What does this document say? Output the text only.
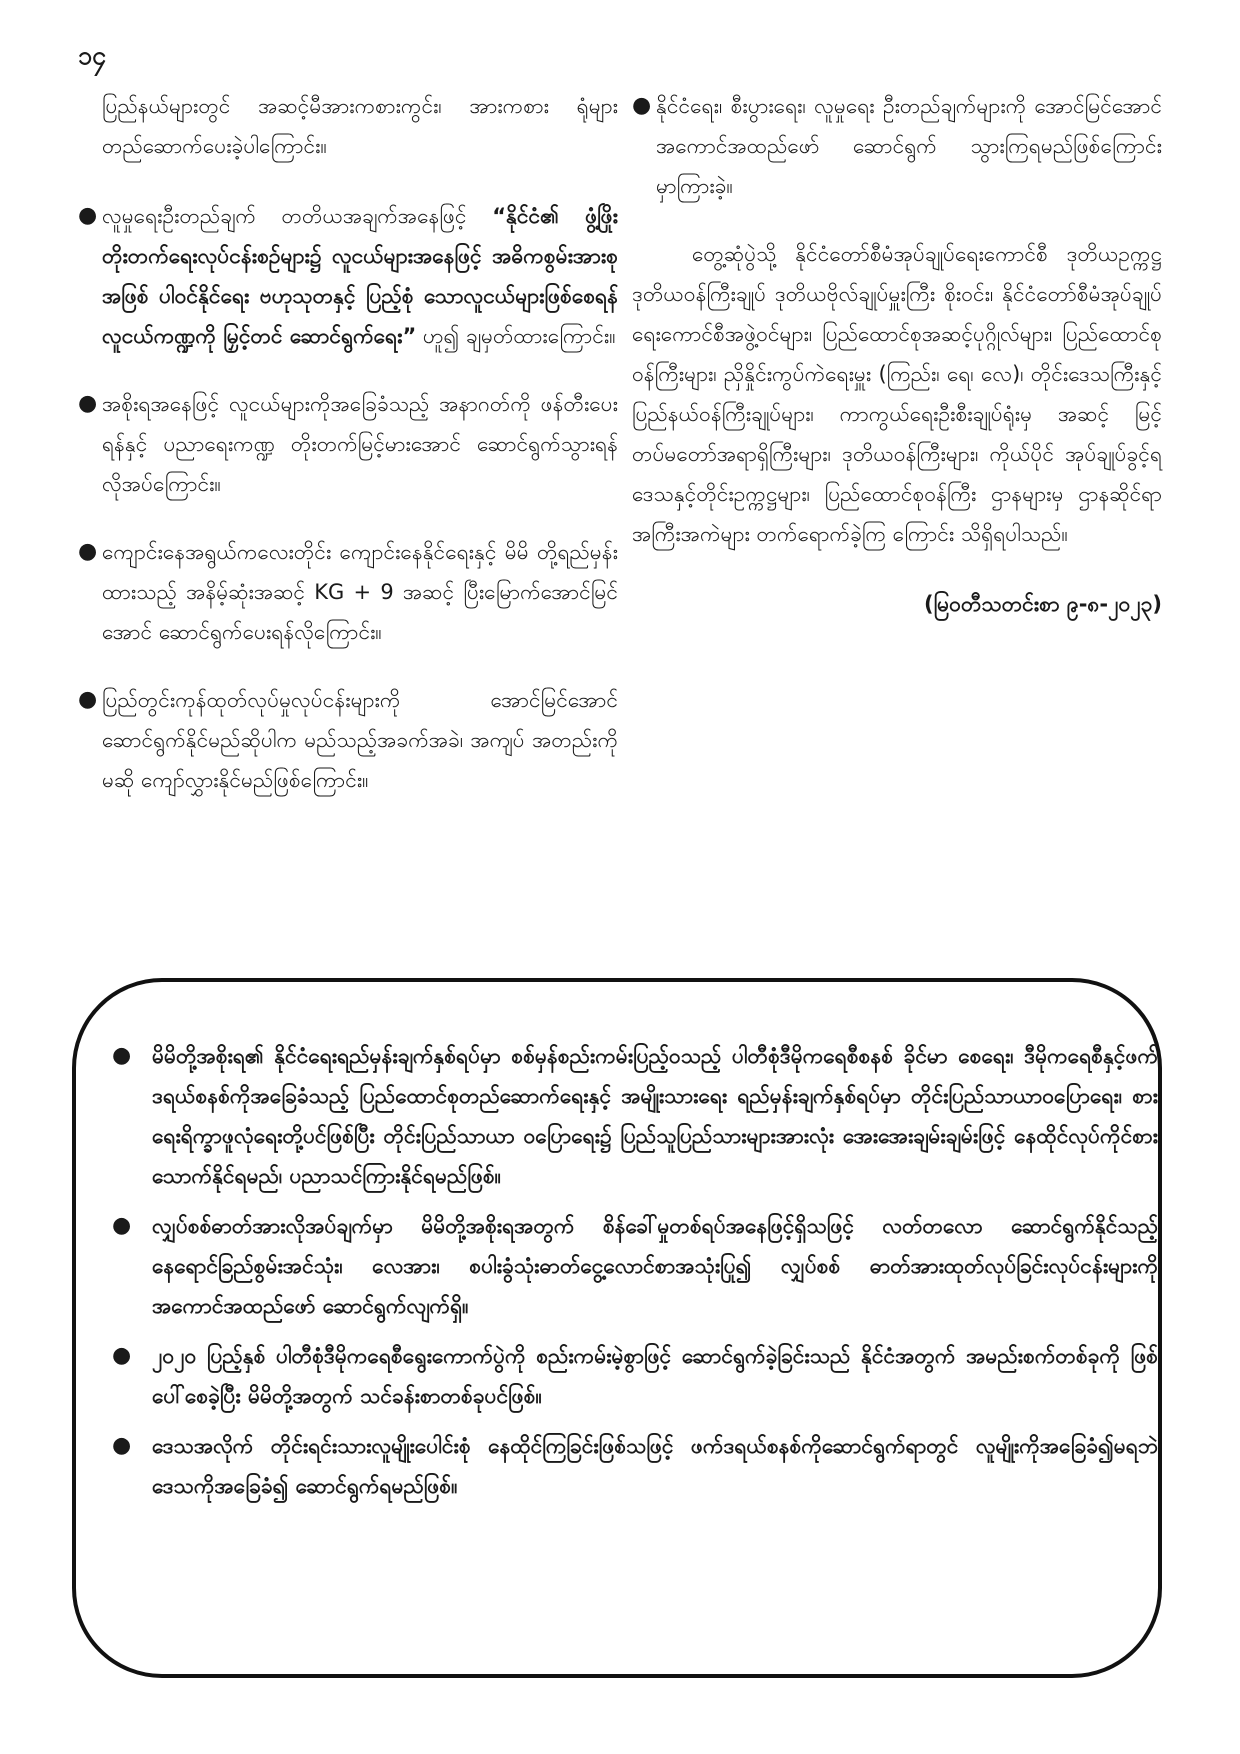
၁၄

ပြည်နယ်များတွင် အဆင့်မီအားကစားကွင်း၊ အားကစား ရုံများ တည်ဆောက်ပေးခဲ့ပါကြောင်း။

● လူမှုရေးဦးတည်ချက် တတိယအချက်အနေဖြင့် “နိုင်ငံ၏ ဖွံ့ဖြိုးတိုးတက်ရေးလုပ်ငန်းစဉ်များ၌ လူငယ်များအနေဖြင့် အဓိကစွမ်းအားစုအဖြစ် ပါဝင်နိုင်ရေး ဗဟုသုတနှင့် ပြည့်စုံ သောလူငယ်များဖြစ်စေရန် လူငယ်ကဏ္ဍကို မြှင့်တင် ဆောင်ရွက်ရေး” ဟူ၍ ချမှတ်ထားကြောင်း။
● အစိုးရအနေဖြင့် လူငယ်များကိုအခြေခံသည့် အနာဂတ်ကို ဖန်တီးပေးရန်နှင့် ပညာရေးကဏ္ဍ တိုးတက်မြင့်မားအောင် ဆောင်ရွက်သွားရန် လိုအပ်ကြောင်း။
● ကျောင်းနေအရွယ်ကလေးတိုင်း ကျောင်းနေနိုင်ရေးနှင့် မိမိ တို့ရည်မှန်းထားသည့် အနိမ့်ဆုံးအဆင့် KG + 9 အဆင့် ပြီးမြောက်အောင်မြင်အောင် ဆောင်ရွက်ပေးရန်လိုကြောင်း။
● ပြည်တွင်းကုန်ထုတ်လုပ်မှုလုပ်ငန်းများကို အောင်မြင်အောင် ဆောင်ရွက်နိုင်မည်ဆိုပါက မည်သည့်အခက်အခဲ၊ အကျပ် အတည်းကိုမဆို ကျော်လွှားနိုင်မည်ဖြစ်ကြောင်း။
● နိုင်ငံရေး၊ စီးပွားရေး၊ လူမှုရေး ဦးတည်ချက်များကို အောင်မြင်အောင် အကောင်အထည်ဖော် ဆောင်ရွက် သွားကြရမည်ဖြစ်ကြောင်း မှာကြားခဲ့။

တွေ့ဆုံပွဲသို့ နိုင်ငံတော်စီမံအုပ်ချုပ်ရေးကောင်စီ ဒုတိယဥက္ကဋ္ဌ ဒုတိယဝန်ကြီးချုပ် ဒုတိယဗိုလ်ချုပ်မှူးကြီး စိုးဝင်း၊ နိုင်ငံတော်စီမံအုပ်ချုပ်ရေးကောင်စီအဖွဲ့ဝင်များ၊ ပြည်ထောင်စုအဆင့်ပုဂ္ဂိုလ်များ၊ ပြည်ထောင်စုဝန်ကြီးများ၊ ညှိနှိုင်းကွပ်ကဲရေးမှူး (ကြည်း၊ ရေ၊ လေ)၊ တိုင်းဒေသကြီးနှင့် ပြည်နယ်ဝန်ကြီးချုပ်များ၊ ကာကွယ်ရေးဦးစီးချုပ်ရုံးမှ အဆင့် မြင့်တပ်မတော်အရာရှိကြီးများ၊ ဒုတိယဝန်ကြီးများ၊ ကိုယ်ပိုင် အုပ်ချုပ်ခွင့်ရဒေသနှင့်တိုင်းဥက္ကဋ္ဌများ၊ ပြည်ထောင်စုဝန်ကြီး ဌာနများမှ ဌာနဆိုင်ရာအကြီးအကဲများ တက်ရောက်ခဲ့ကြ ကြောင်း သိရှိရပါသည်။

(မြဝတီသတင်းစာ ၉-၈-၂၀၂၃)
● မိမိတို့အစိုးရ၏ နိုင်ငံရေးရည်မှန်းချက်နှစ်ရပ်မှာ စစ်မှန်စည်းကမ်းပြည့်ဝသည့် ပါတီစုံဒီမိုကရေစီစနစ် ခိုင်မာ စေရေး၊ ဒီမိုကရေစီနှင့်ဖက်ဒရယ်စနစ်ကိုအခြေခံသည့် ပြည်ထောင်စုတည်ဆောက်ရေးနှင့် အမျိုးသားရေး ရည်မှန်းချက်နှစ်ရပ်မှာ တိုင်းပြည်သာယာဝပြောရေး၊ စားရေးရိက္ခာဖူလုံရေးတို့ပင်ဖြစ်ပြီး တိုင်းပြည်သာယာ ဝပြောရေး၌ ပြည်သူပြည်သားများအားလုံး အေးအေးချမ်းချမ်းဖြင့် နေထိုင်လုပ်ကိုင်စားသောက်နိုင်ရမည်၊ ပညာသင်ကြားနိုင်ရမည်ဖြစ်။
● လျှပ်စစ်ဓာတ်အားလိုအပ်ချက်မှာ မိမိတို့အစိုးရအတွက် စိန်ခေါ်မှုတစ်ရပ်အနေဖြင့်ရှိသဖြင့် လတ်တလော ဆောင်ရွက်နိုင်သည့် နေရောင်ခြည်စွမ်းအင်သုံး၊ လေအား၊ စပါးခွံသုံးဓာတ်ငွေ့လောင်စာအသုံးပြု၍ လျှပ်စစ် ဓာတ်အားထုတ်လုပ်ခြင်းလုပ်ငန်းများကို အကောင်အထည်ဖော် ဆောင်ရွက်လျက်ရှိ။
● ၂၀၂၀ ပြည့်နှစ် ပါတီစုံဒီမိုကရေစီရွေးကောက်ပွဲကို စည်းကမ်းမဲ့စွာဖြင့် ဆောင်ရွက်ခဲ့ခြင်းသည် နိုင်ငံအတွက် အမည်းစက်တစ်ခုကို ဖြစ်ပေါ်စေခဲ့ပြီး မိမိတို့အတွက် သင်ခန်းစာတစ်ခုပင်ဖြစ်။
● ဒေသအလိုက် တိုင်းရင်းသားလူမျိုးပေါင်းစုံ နေထိုင်ကြခြင်းဖြစ်သဖြင့် ဖက်ဒရယ်စနစ်ကိုဆောင်ရွက်ရာတွင် လူမျိုးကိုအခြေခံ၍မရဘဲ ဒေသကိုအခြေခံ၍ ဆောင်ရွက်ရမည်ဖြစ်။
